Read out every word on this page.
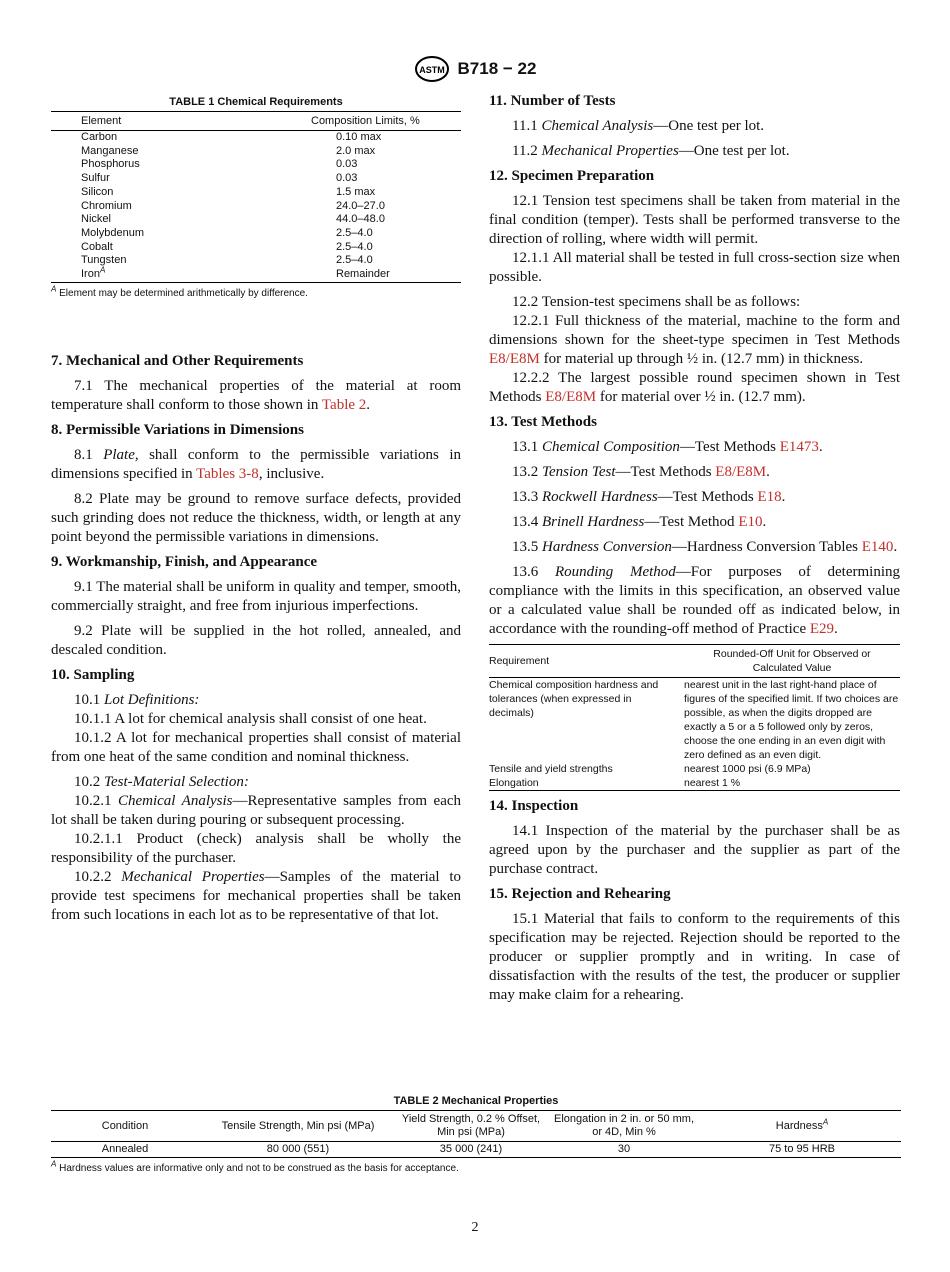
ASTM B718 − 22
TABLE 1 Chemical Requirements
Element	Composition Limits, %
Carbon	0.10 max
Manganese	2.0 max
Phosphorus	0.03
Sulfur	0.03
Silicon	1.5 max
Chromium	24.0–27.0
Nickel	44.0–48.0
Molybdenum	2.5–4.0
Cobalt	2.5–4.0
Tungsten	2.5–4.0
Iron$^A$	Remainder
$^A$ Element may be determined arithmetically by difference.
7. Mechanical and Other Requirements

7.1 The mechanical properties of the material at room temperature shall conform to those shown in Table 2.

8. Permissible Variations in Dimensions

8.1 Plate, shall conform to the permissible variations in dimensions specified in Tables 3-8, inclusive.

8.2 Plate may be ground to remove surface defects, provided such grinding does not reduce the thickness, width, or length at any point beyond the permissible variations in dimensions.

9. Workmanship, Finish, and Appearance

9.1 The material shall be uniform in quality and temper, smooth, commercially straight, and free from injurious imperfections.

9.2 Plate will be supplied in the hot rolled, annealed, and descaled condition.

10. Sampling

10.1 Lot Definitions:

10.1.1 A lot for chemical analysis shall consist of one heat.

10.1.2 A lot for mechanical properties shall consist of material from one heat of the same condition and nominal thickness.

10.2 Test-Material Selection:

10.2.1 Chemical Analysis—Representative samples from each lot shall be taken during pouring or subsequent processing.

10.2.1.1 Product (check) analysis shall be wholly the responsibility of the purchaser.

10.2.2 Mechanical Properties—Samples of the material to provide test specimens for mechanical properties shall be taken from such locations in each lot as to be representative of that lot.

11. Number of Tests

11.1 Chemical Analysis—One test per lot.

11.2 Mechanical Properties—One test per lot.

12. Specimen Preparation

12.1 Tension test specimens shall be taken from material in the final condition (temper). Tests shall be performed transverse to the direction of rolling, where width will permit.

12.1.1 All material shall be tested in full cross-section size when possible.

12.2 Tension-test specimens shall be as follows:

12.2.1 Full thickness of the material, machine to the form and dimensions shown for the sheet-type specimen in Test Methods E8/E8M for material up through ½ in. (12.7 mm) in thickness.

12.2.2 The largest possible round specimen shown in Test Methods E8/E8M for material over ½ in. (12.7 mm).

13. Test Methods

13.1 Chemical Composition—Test Methods E1473.

13.2 Tension Test—Test Methods E8/E8M.

13.3 Rockwell Hardness—Test Methods E18.

13.4 Brinell Hardness—Test Method E10.

13.5 Hardness Conversion—Hardness Conversion Tables E140.

13.6 Rounding Method—For purposes of determining compliance with the limits in this specification, an observed value or a calculated value shall be rounded off as indicated below, in accordance with the rounding-off method of Practice E29.

Requirement	Rounded-Off Unit for Observed or
Calculated Value
Chemical composition hardness and tolerances (when expressed in decimals)	nearest unit in the last right-hand place of figures of the specified limit. If two choices are possible, as when the digits dropped are exactly a 5 or a 5 followed only by zeros, choose the one ending in an even digit with zero defined as an even digit.
Tensile and yield strengths	nearest 1000 psi (6.9 MPa)
Elongation	nearest 1 %
14. Inspection

14.1 Inspection of the material by the purchaser shall be as agreed upon by the purchaser and the supplier as part of the purchase contract.

15. Rejection and Rehearing

15.1 Material that fails to conform to the requirements of this specification may be rejected. Rejection should be reported to the producer or supplier promptly and in writing. In case of dissatisfaction with the results of the test, the producer or supplier may make claim for a rehearing.

TABLE 2 Mechanical Properties
Condition	Tensile Strength, Min psi (MPa)	Yield Strength, 0.2 % Offset, Min psi (MPa)	Elongation in 2 in. or 50 mm, or 4D, Min %	Hardness$^A$
Annealed	80 000 (551)	35 000 (241)	30	75 to 95 HRB
$^A$ Hardness values are informative only and not to be construed as the basis for acceptance.
2
